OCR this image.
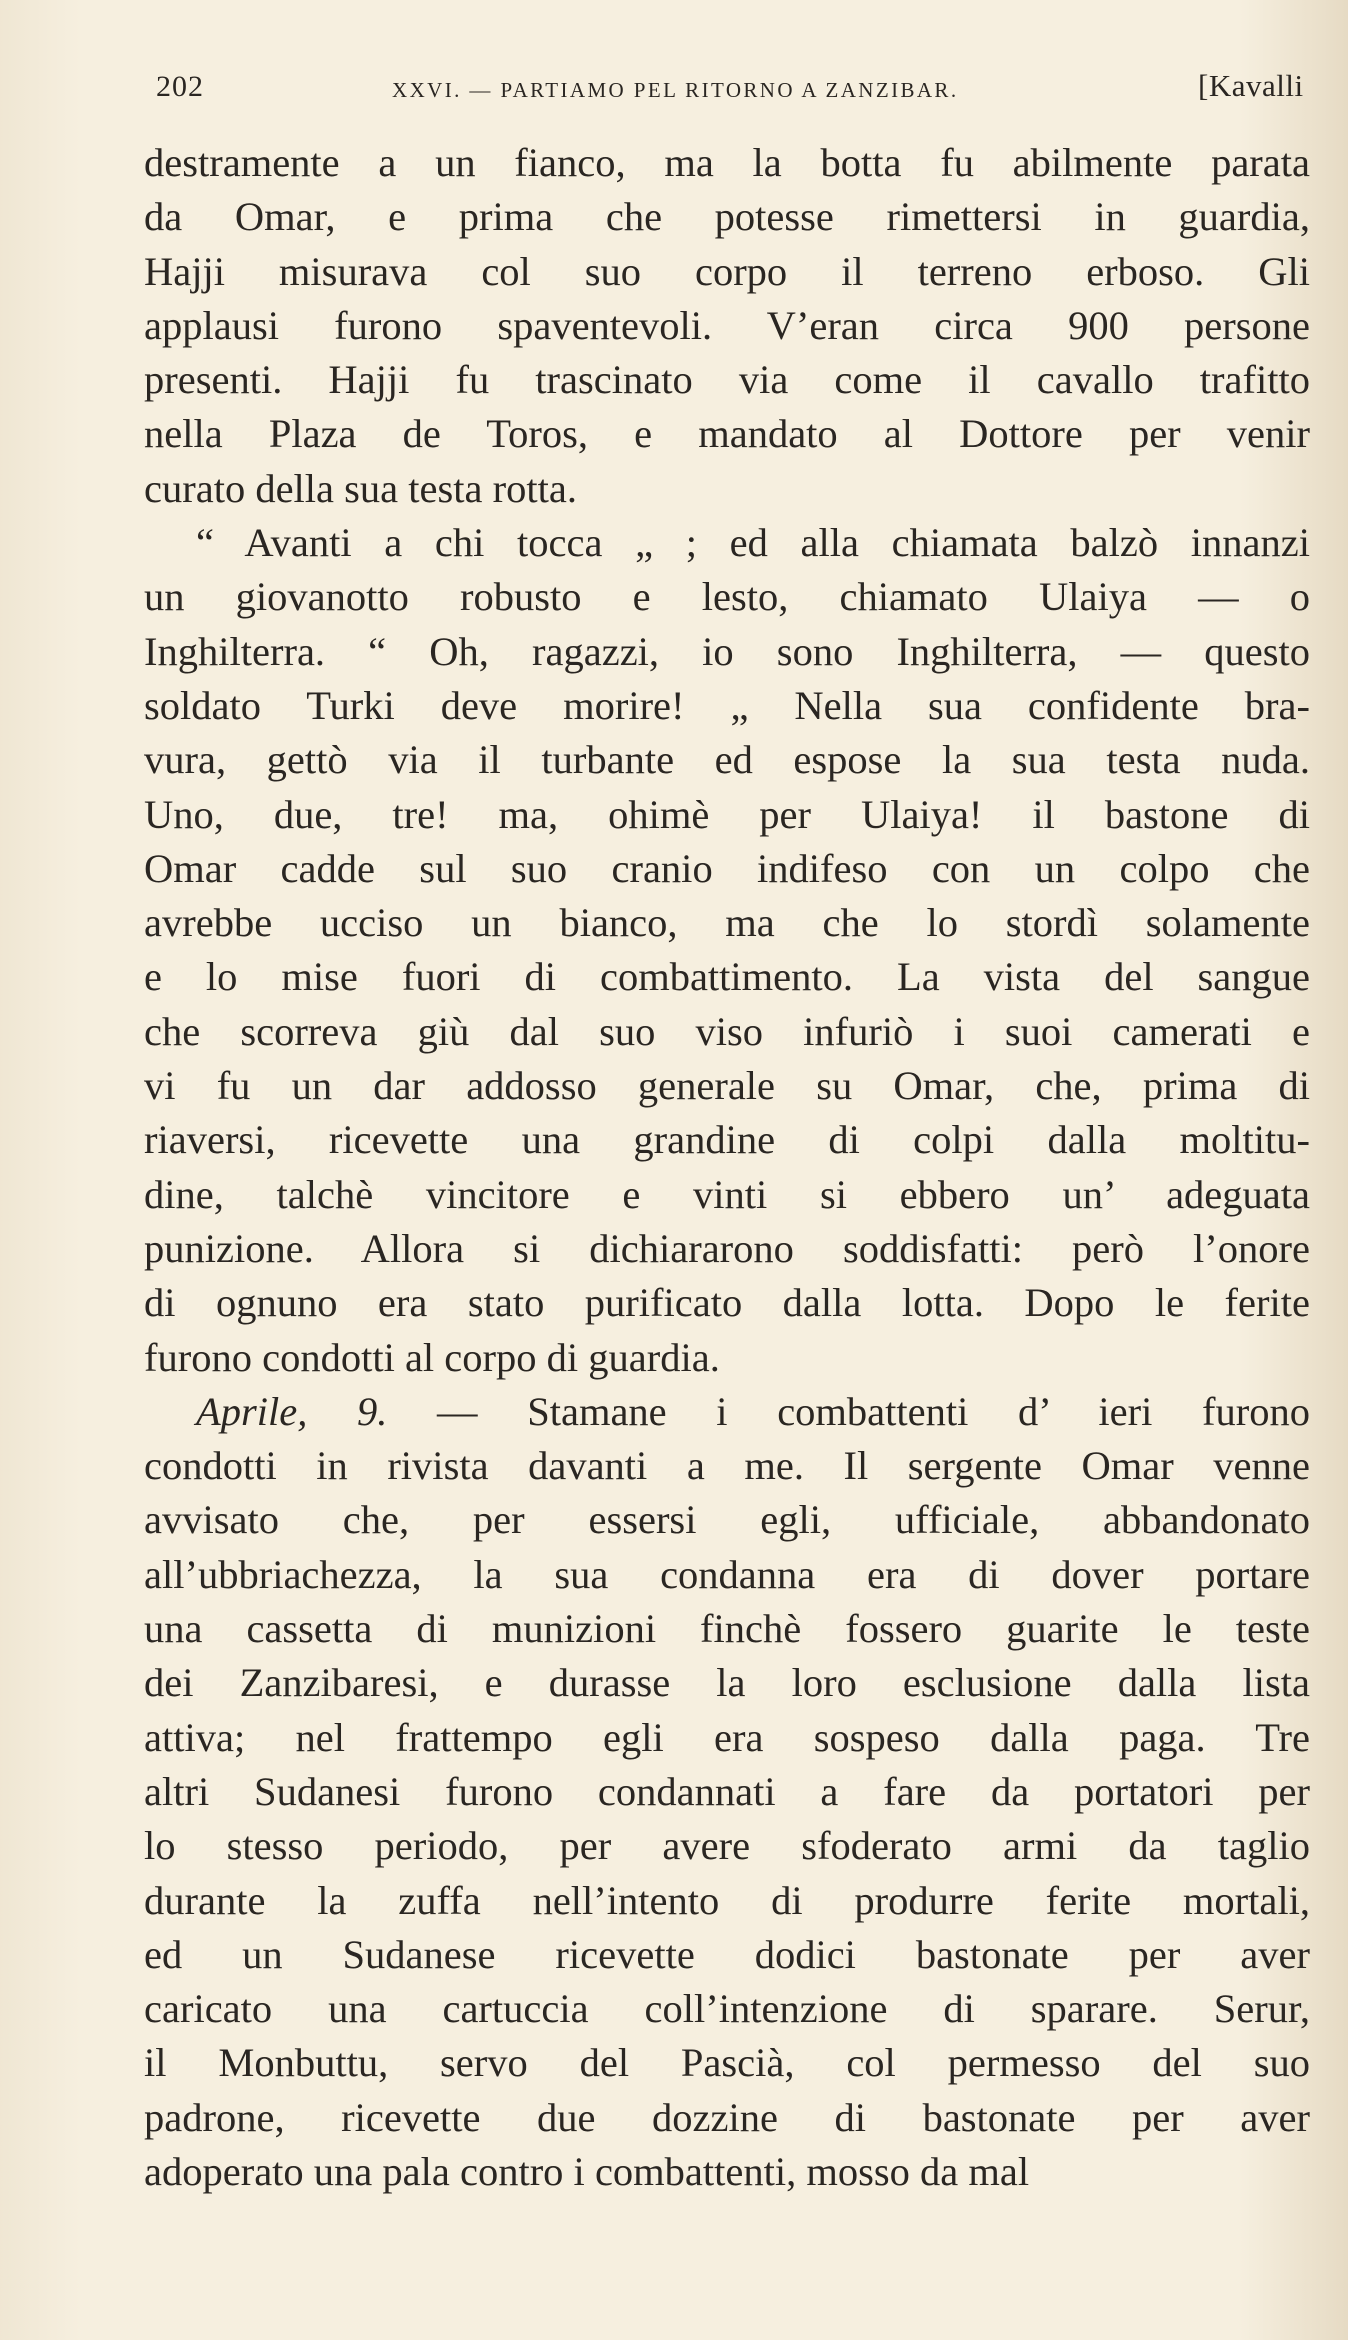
202	XXVI. — PARTIAMO PEL RITORNO A ZANZIBAR.	[Kavalli
destramente a un fianco, ma la botta fu abilmente parata
da Omar, e prima che potesse rimettersi in guardia,
Hajji misurava col suo corpo il terreno erboso. Gli
applausi furono spaventevoli. V’eran circa 900 persone
presenti. Hajji fu trascinato via come il cavallo trafitto
nella Plaza de Toros, e mandato al Dottore per venir
curato della sua testa rotta.
“ Avanti a chi tocca „ ; ed alla chiamata balzò innanzi
un giovanotto robusto e lesto, chiamato Ulaiya — o
Inghilterra. “ Oh, ragazzi, io sono Inghilterra, — questo
soldato Turki deve morire! „ Nella sua confidente bra-
vura, gettò via il turbante ed espose la sua testa nuda.
Uno, due, tre! ma, ohimè per Ulaiya! il bastone di
Omar cadde sul suo cranio indifeso con un colpo che
avrebbe ucciso un bianco, ma che lo stordì solamente
e lo mise fuori di combattimento. La vista del sangue
che scorreva giù dal suo viso infuriò i suoi camerati e
vi fu un dar addosso generale su Omar, che, prima di
riaversi, ricevette una grandine di colpi dalla moltitu-
dine, talchè vincitore e vinti si ebbero un’ adeguata
punizione. Allora si dichiararono soddisfatti: però l’onore
di ognuno era stato purificato dalla lotta. Dopo le ferite
furono condotti al corpo di guardia.
Aprile, 9. — Stamane i combattenti d’ ieri furono
condotti in rivista davanti a me. Il sergente Omar venne
avvisato che, per essersi egli, ufficiale, abbandonato
all’ubbriachezza, la sua condanna era di dover portare
una cassetta di munizioni finchè fossero guarite le teste
dei Zanzibaresi, e durasse la loro esclusione dalla lista
attiva; nel frattempo egli era sospeso dalla paga. Tre
altri Sudanesi furono condannati a fare da portatori per
lo stesso periodo, per avere sfoderato armi da taglio
durante la zuffa nell’intento di produrre ferite mortali,
ed un Sudanese ricevette dodici bastonate per aver
caricato una cartuccia coll’intenzione di sparare. Serur,
il Monbuttu, servo del Pascià, col permesso del suo
padrone, ricevette due dozzine di bastonate per aver
adoperato una pala contro i combattenti, mosso da mal
